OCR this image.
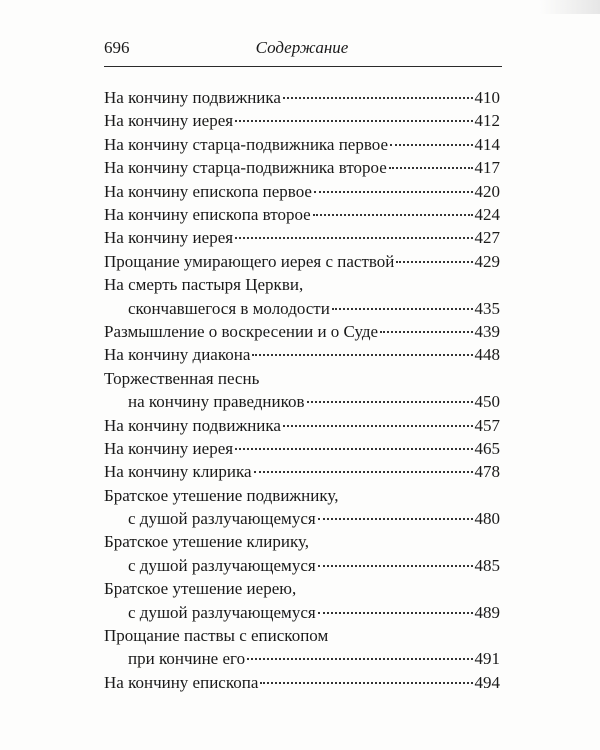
696	Содержание
На кончину подвижника	410
На кончину иерея	412
На кончину старца-подвижника первое	414
На кончину старца-подвижника второе	417
На кончину епископа первое	420
На кончину епископа второе	424
На кончину иерея	427
Прощание умирающего иерея с паствой	429
На смерть пастыря Церкви,
скончавшегося в молодости	435
Размышление о воскресении и о Суде	439
На кончину диакона	448
Торжественная песнь
на кончину праведников	450
На кончину подвижника	457
На кончину иерея	465
На кончину клирика	478
Братское утешение подвижнику,
с душой разлучающемуся	480
Братское утешение клирику,
с душой разлучающемуся	485
Братское утешение иерею,
с душой разлучающемуся	489
Прощание паствы с епископом
при кончине его	491
На кончину епископа	494
